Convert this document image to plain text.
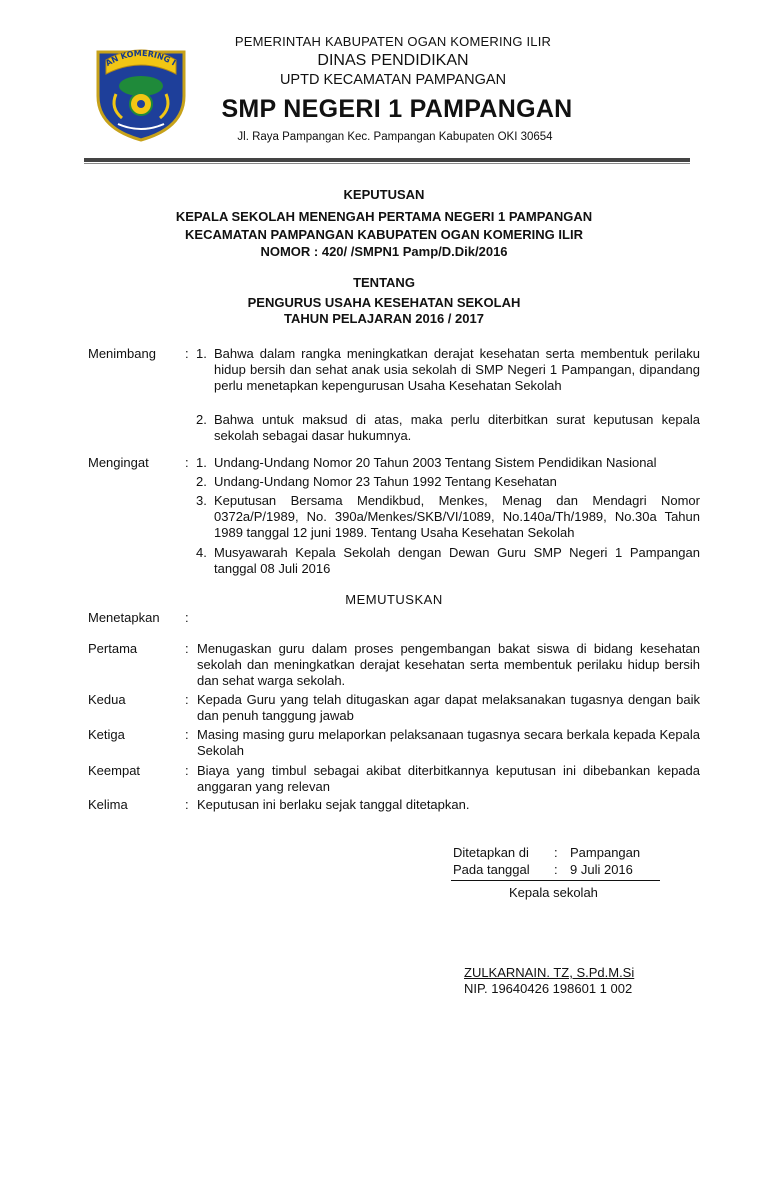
AN KOMERING I
PEMERINTAH KABUPATEN OGAN KOMERING ILIR
DINAS PENDIDIKAN
UPTD KECAMATAN PAMPANGAN
SMP NEGERI 1 PAMPANGAN
Jl. Raya Pampangan Kec. Pampangan Kabupaten OKI 30654
KEPUTUSAN
KEPALA SEKOLAH MENENGAH PERTAMA NEGERI 1 PAMPANGAN
KECAMATAN PAMPANGAN KABUPATEN OGAN KOMERING ILIR
NOMOR : 420/ /SMPN1 Pamp/D.Dik/2016
TENTANG
PENGURUS USAHA KESEHATAN SEKOLAH
TAHUN PELAJARAN 2016 / 2017
Menimbang : 1. Bahwa dalam rangka meningkatkan derajat kesehatan serta membentuk perilaku hidup bersih dan sehat anak usia sekolah di SMP Negeri 1 Pampangan, dipandang perlu menetapkan kepengurusan Usaha Kesehatan Sekolah
2. Bahwa untuk maksud di atas, maka perlu diterbitkan surat keputusan kepala sekolah sebagai dasar hukumnya.
Mengingat	: 1. Undang-Undang Nomor 20 Tahun 2003 Tentang Sistem Pendidikan Nasional
2. Undang-Undang Nomor 23 Tahun 1992 Tentang Kesehatan
3. Keputusan Bersama Mendikbud, Menkes, Menag dan Mendagri Nomor 0372a/P/1989, No. 390a/Menkes/SKB/VI/1089, No.140a/Th/1989, No.30a Tahun 1989 tanggal 12 juni 1989. Tentang Usaha Kesehatan Sekolah
4. Musyawarah Kepala Sekolah dengan Dewan Guru SMP Negeri 1 Pampangan tanggal 08 Juli 2016
MEMUTUSKAN
Menetapkan :
Pertama	: Menugaskan guru dalam proses pengembangan bakat siswa di bidang kesehatan sekolah dan meningkatkan derajat kesehatan serta membentuk perilaku hidup bersih dan sehat warga sekolah.
Kedua	: Kepada Guru yang telah ditugaskan agar dapat melaksanakan tugasnya dengan baik dan penuh tanggung jawab
Ketiga	: Masing masing guru melaporkan pelaksanaan tugasnya secara berkala kepada Kepala Sekolah
Keempat	: Biaya yang timbul sebagai akibat diterbitkannya keputusan ini dibebankan kepada anggaran yang relevan
Kelima	: Keputusan ini berlaku sejak tanggal ditetapkan.
Ditetapkan di : Pampangan
Pada tanggal : 9 Juli 2016
Kepala sekolah
ZULKARNAIN. TZ, S.Pd.M.Si
NIP. 19640426 198601 1 002
